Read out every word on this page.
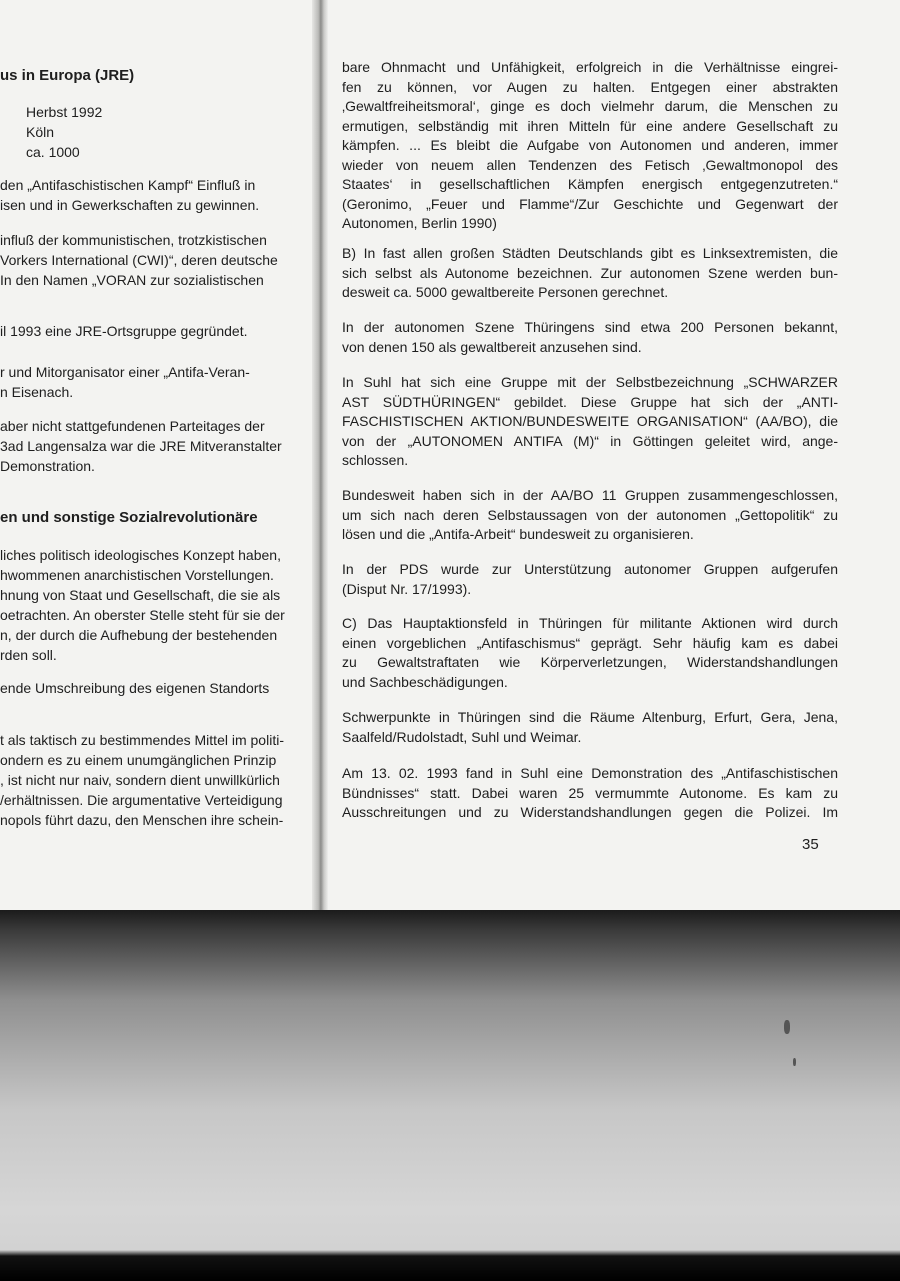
us in Europa (JRE)
Herbst 1992
Köln
ca. 1000
den „Antifaschistischen Kampf“ Einfluß in
isen und in Gewerkschaften zu gewinnen.
influß der kommunistischen, trotzkistischen
Vorkers International (CWI)“, deren deutsche
In den Namen „VORAN zur sozialistischen
il 1993 eine JRE-Ortsgruppe gegründet.
r und Mitorganisator einer „Antifa-Veran-
n Eisenach.
aber nicht stattgefundenen Parteitages der
3ad Langensalza war die JRE Mitveranstalter
Demonstration.
en und sonstige Sozialrevolutionäre
liches politisch ideologisches Konzept haben,
hwommenen anarchistischen Vorstellungen.
hnung von Staat und Gesellschaft, die sie als
oetrachten. An oberster Stelle steht für sie der
n, der durch die Aufhebung der bestehenden
rden soll.
ende Umschreibung des eigenen Standorts
t als taktisch zu bestimmendes Mittel im politi-
ondern es zu einem unumgänglichen Prinzip
, ist nicht nur naiv, sondern dient unwillkürlich
/erhältnissen. Die argumentative Verteidigung
nopols führt dazu, den Menschen ihre schein-
bare Ohnmacht und Unfähigkeit, erfolgreich in die Verhältnisse eingrei-
fen zu können, vor Augen zu halten. Entgegen einer abstrakten
‚Gewaltfreiheitsmoral‘, ginge es doch vielmehr darum, die Menschen zu
ermutigen, selbständig mit ihren Mitteln für eine andere Gesellschaft zu
kämpfen. ... Es bleibt die Aufgabe von Autonomen und anderen, immer
wieder von neuem allen Tendenzen des Fetisch ‚Gewaltmonopol des
Staates‘ in gesellschaftlichen Kämpfen energisch entgegenzutreten.“
(Geronimo, „Feuer und Flamme“/Zur Geschichte und Gegenwart der
Autonomen, Berlin 1990)
B) In fast allen großen Städten Deutschlands gibt es Linksextremisten, die
sich selbst als Autonome bezeichnen. Zur autonomen Szene werden bun-
desweit ca. 5000 gewaltbereite Personen gerechnet.
In der autonomen Szene Thüringens sind etwa 200 Personen bekannt,
von denen 150 als gewaltbereit anzusehen sind.
In Suhl hat sich eine Gruppe mit der Selbstbezeichnung „SCHWARZER
AST SÜDTHÜRINGEN“ gebildet. Diese Gruppe hat sich der „ANTI-
FASCHISTISCHEN AKTION/BUNDESWEITE ORGANISATION“ (AA/BO), die
von der „AUTONOMEN ANTIFA (M)“ in Göttingen geleitet wird, ange-
schlossen.
Bundesweit haben sich in der AA/BO 11 Gruppen zusammengeschlossen,
um sich nach deren Selbstaussagen von der autonomen „Gettopolitik“ zu
lösen und die „Antifa-Arbeit“ bundesweit zu organisieren.
In der PDS wurde zur Unterstützung autonomer Gruppen aufgerufen
(Disput Nr. 17/1993).
C) Das Hauptaktionsfeld in Thüringen für militante Aktionen wird durch
einen vorgeblichen „Antifaschismus“ geprägt. Sehr häufig kam es dabei
zu Gewaltstraftaten wie Körperverletzungen, Widerstandshandlungen
und Sachbeschädigungen.
Schwerpunkte in Thüringen sind die Räume Altenburg, Erfurt, Gera, Jena,
Saalfeld/Rudolstadt, Suhl und Weimar.
Am 13. 02. 1993 fand in Suhl eine Demonstration des „Antifaschistischen
Bündnisses“ statt. Dabei waren 25 vermummte Autonome. Es kam zu
Ausschreitungen und zu Widerstandshandlungen gegen die Polizei. Im
35
